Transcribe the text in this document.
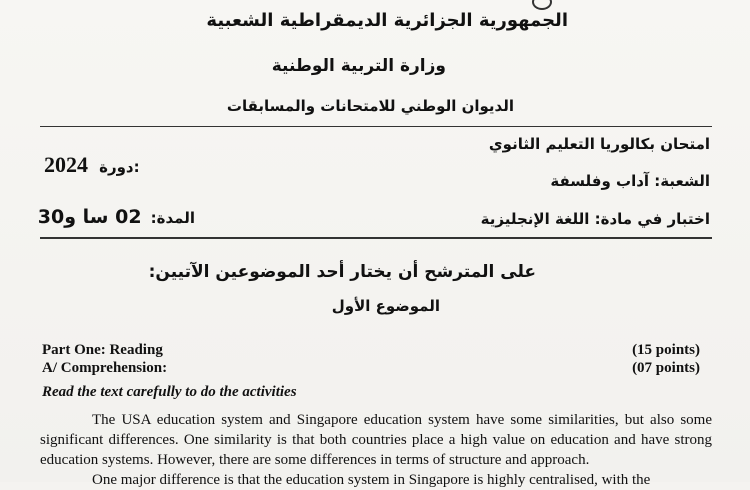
الجمهورية الجزائرية الديمقراطية الشعبية
وزارة التربية الوطنية
الديوان الوطني للامتحانات والمسابقات
امتحان بكالوريا التعليم الثانوي
2024 دورة:
الشعبة: آداب وفلسفة
اختبار في مادة: اللغة الإنجليزية
المدة: 02 سا و30
على المترشح أن يختار أحد الموضوعين الآتيين:
الموضوع الأول
Part One: Reading	(15 points)
A/ Comprehension:	(07 points)
Read the text carefully to do the activities
The USA education system and Singapore education system have some similarities, but also some significant differences. One similarity is that both countries place a high value on education and have strong education systems. However, there are some differences in terms of structure and approach.
One major difference is that the education system in Singapore is highly centralised, with the
